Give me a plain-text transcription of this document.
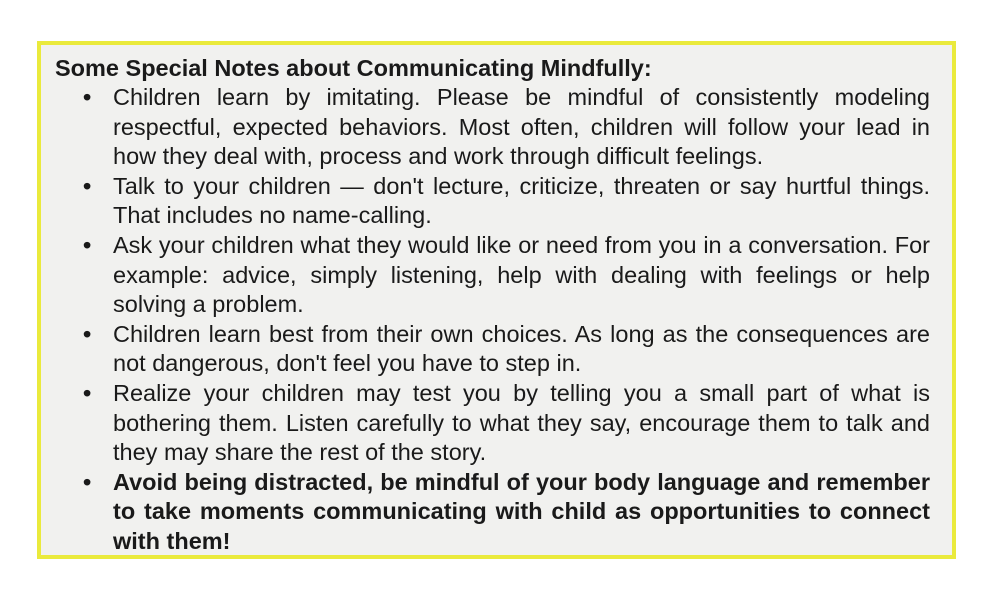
Some Special Notes about Communicating Mindfully:

• Children learn by imitating. Please be mindful of consistently modeling respectful, expected behaviors. Most often, children will follow your lead in how they deal with, process and work through difficult feelings.
• Talk to your children — don't lecture, criticize, threaten or say hurtful things. That includes no name-calling.
• Ask your children what they would like or need from you in a conversation. For example: advice, simply listening, help with dealing with feelings or help solving a problem.
• Children learn best from their own choices. As long as the consequences are not dangerous, don't feel you have to step in.
• Realize your children may test you by telling you a small part of what is bothering them. Listen carefully to what they say, encourage them to talk and they may share the rest of the story.
• Avoid being distracted, be mindful of your body language and remember to take moments communicating with child as opportunities to connect with them!
